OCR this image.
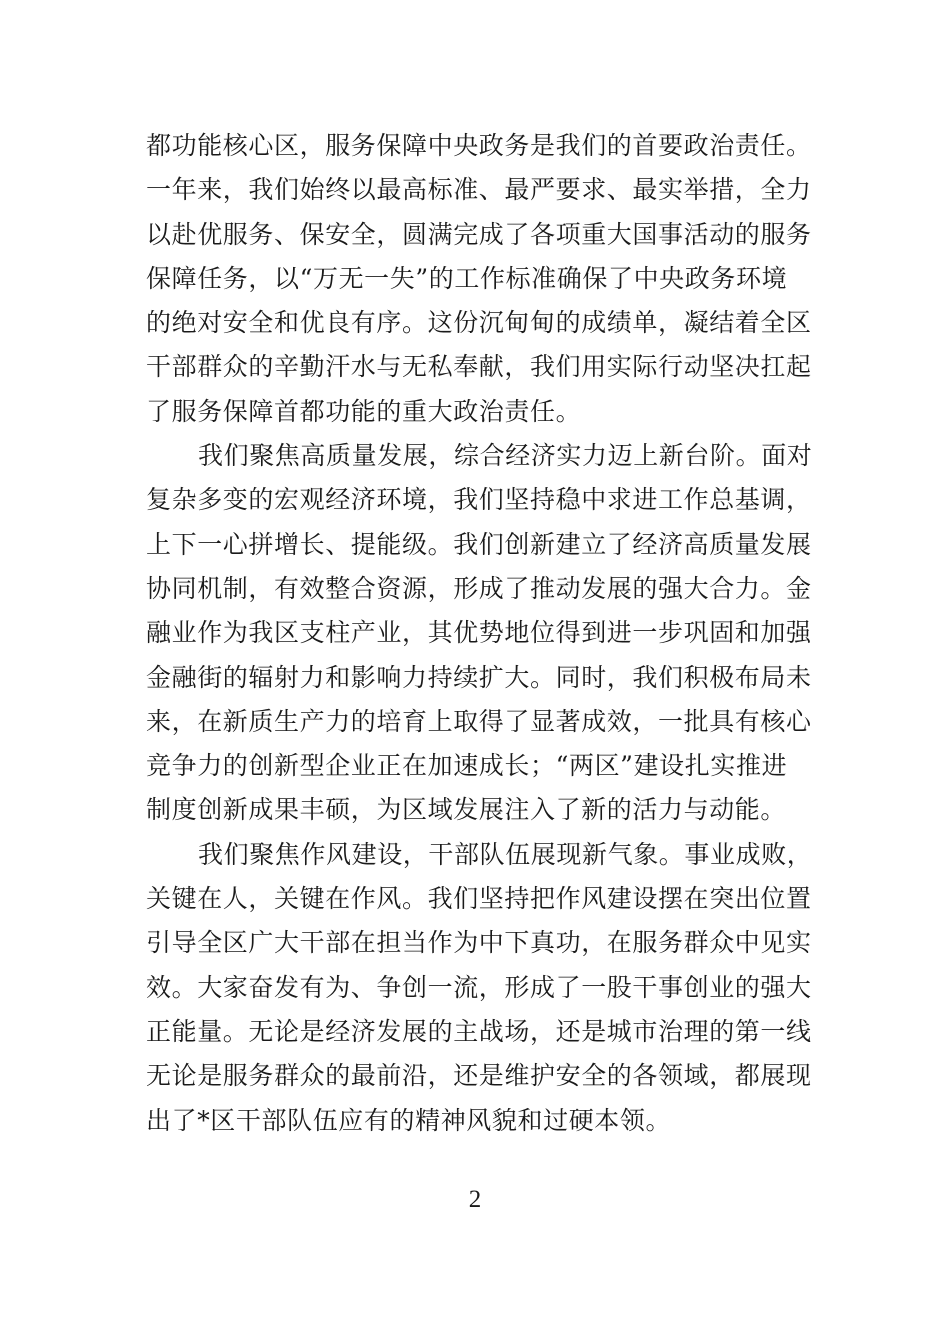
都功能核心区，服务保障中央政务是我们的首要政治责任。
一年来，我们始终以最高标准、最严要求、最实举措，全力
以赴优服务、保安全，圆满完成了各项重大国事活动的服务
保障任务，以“万无一失”的工作标准确保了中央政务环境
的绝对安全和优良有序。这份沉甸甸的成绩单，凝结着全区
干部群众的辛勤汗水与无私奉献，我们用实际行动坚决扛起
了服务保障首都功能的重大政治责任。
我们聚焦高质量发展，综合经济实力迈上新台阶。面对
复杂多变的宏观经济环境，我们坚持稳中求进工作总基调，
上下一心拼增长、提能级。我们创新建立了经济高质量发展
协同机制，有效整合资源，形成了推动发展的强大合力。金
融业作为我区支柱产业，其优势地位得到进一步巩固和加强
金融街的辐射力和影响力持续扩大。同时，我们积极布局未
来，在新质生产力的培育上取得了显著成效，一批具有核心
竞争力的创新型企业正在加速成长；“两区”建设扎实推进
制度创新成果丰硕，为区域发展注入了新的活力与动能。
我们聚焦作风建设，干部队伍展现新气象。事业成败，
关键在人，关键在作风。我们坚持把作风建设摆在突出位置
引导全区广大干部在担当作为中下真功，在服务群众中见实
效。大家奋发有为、争创一流，形成了一股干事创业的强大
正能量。无论是经济发展的主战场，还是城市治理的第一线
无论是服务群众的最前沿，还是维护安全的各领域，都展现
出了*区干部队伍应有的精神风貌和过硬本领。
2
